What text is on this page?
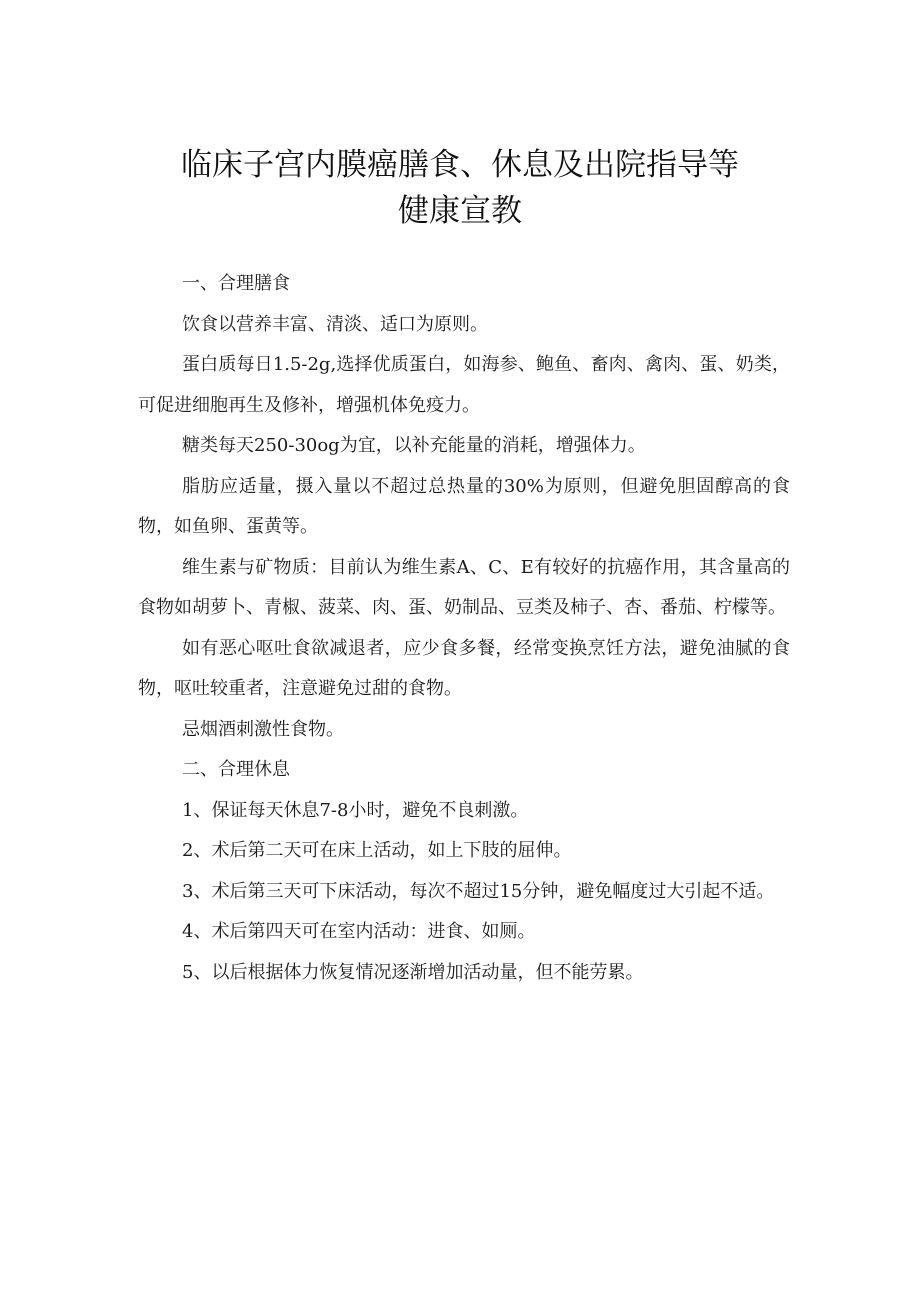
临床子宫内膜癌膳食、休息及出院指导等
健康宣教

一、合理膳食

饮食以营养丰富、清淡、适口为原则。

蛋白质每日1.5-2g,选择优质蛋白，如海参、鲍鱼、畜肉、禽肉、蛋、奶类，可促进细胞再生及修补，增强机体免疫力。

糖类每天250-30og为宜，以补充能量的消耗，增强体力。

脂肪应适量，摄入量以不超过总热量的30%为原则，但避免胆固醇高的食物，如鱼卵、蛋黄等。

维生素与矿物质：目前认为维生素A、C、E有较好的抗癌作用，其含量高的食物如胡萝卜、青椒、菠菜、肉、蛋、奶制品、豆类及柿子、杏、番茄、柠檬等。

如有恶心呕吐食欲减退者，应少食多餐，经常变换烹饪方法，避免油腻的食物，呕吐较重者，注意避免过甜的食物。

忌烟酒刺激性食物。

二、合理休息

1、保证每天休息7-8小时，避免不良刺激。

2、术后第二天可在床上活动，如上下肢的屈伸。

3、术后第三天可下床活动，每次不超过15分钟，避免幅度过大引起不适。

4、术后第四天可在室内活动：进食、如厕。

5、以后根据体力恢复情况逐渐增加活动量，但不能劳累。
